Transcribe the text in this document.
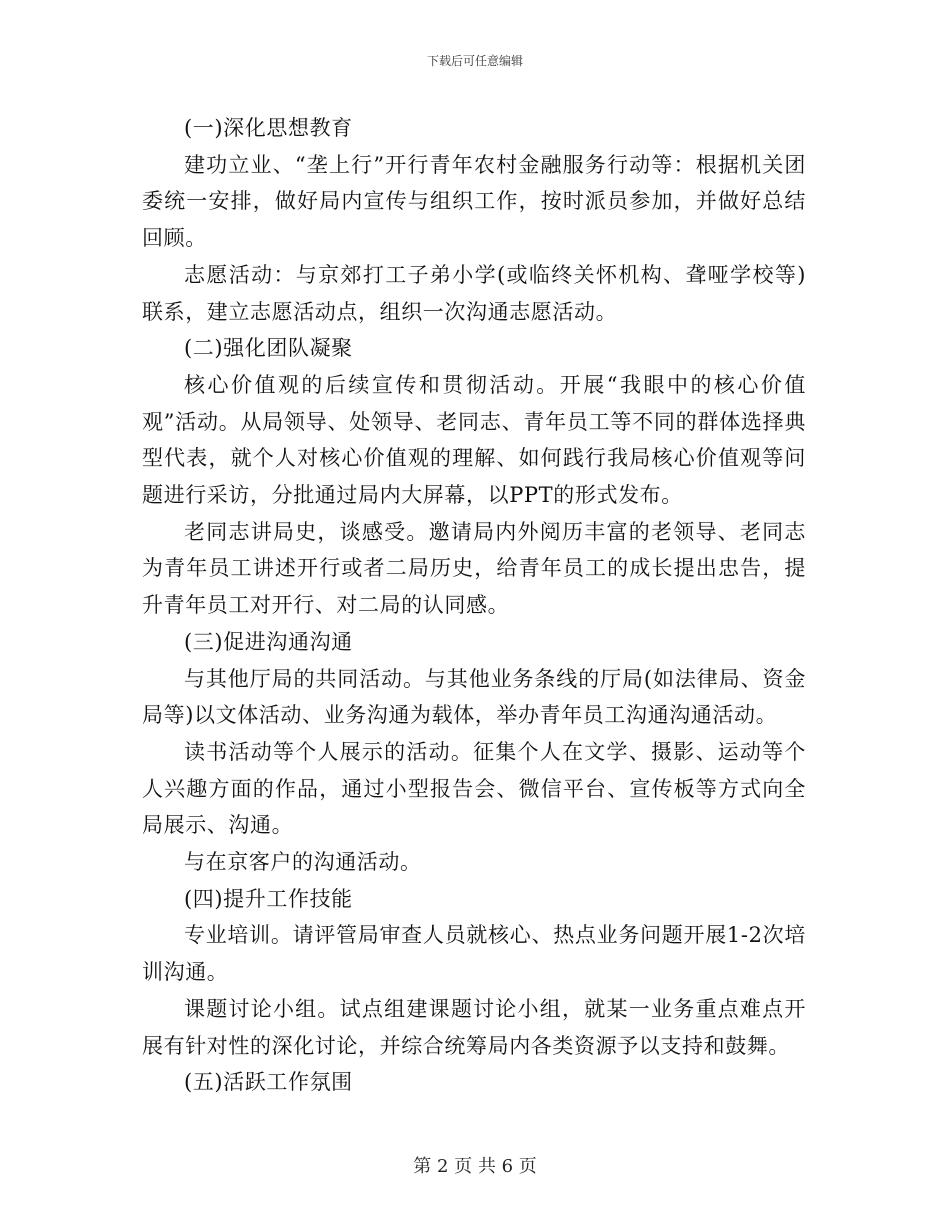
下载后可任意编辑

(一)深化思想教育

建功立业、“垄上行”开行青年农村金融服务行动等：根据机关团委统一安排，做好局内宣传与组织工作，按时派员参加，并做好总结回顾。

志愿活动：与京郊打工子弟小学(或临终关怀机构、聋哑学校等)联系，建立志愿活动点，组织一次沟通志愿活动。

(二)强化团队凝聚

核心价值观的后续宣传和贯彻活动。开展“我眼中的核心价值观”活动。从局领导、处领导、老同志、青年员工等不同的群体选择典型代表，就个人对核心价值观的理解、如何践行我局核心价值观等问题进行采访，分批通过局内大屏幕，以PPT的形式发布。

老同志讲局史，谈感受。邀请局内外阅历丰富的老领导、老同志为青年员工讲述开行或者二局历史，给青年员工的成长提出忠告，提升青年员工对开行、对二局的认同感。

(三)促进沟通沟通

与其他厅局的共同活动。与其他业务条线的厅局(如法律局、资金局等)以文体活动、业务沟通为载体，举办青年员工沟通沟通活动。

读书活动等个人展示的活动。征集个人在文学、摄影、运动等个人兴趣方面的作品，通过小型报告会、微信平台、宣传板等方式向全局展示、沟通。

与在京客户的沟通活动。

(四)提升工作技能

专业培训。请评管局审查人员就核心、热点业务问题开展1-2次培训沟通。

课题讨论小组。试点组建课题讨论小组，就某一业务重点难点开展有针对性的深化讨论，并综合统筹局内各类资源予以支持和鼓舞。

(五)活跃工作氛围

第 2 页 共 6 页
